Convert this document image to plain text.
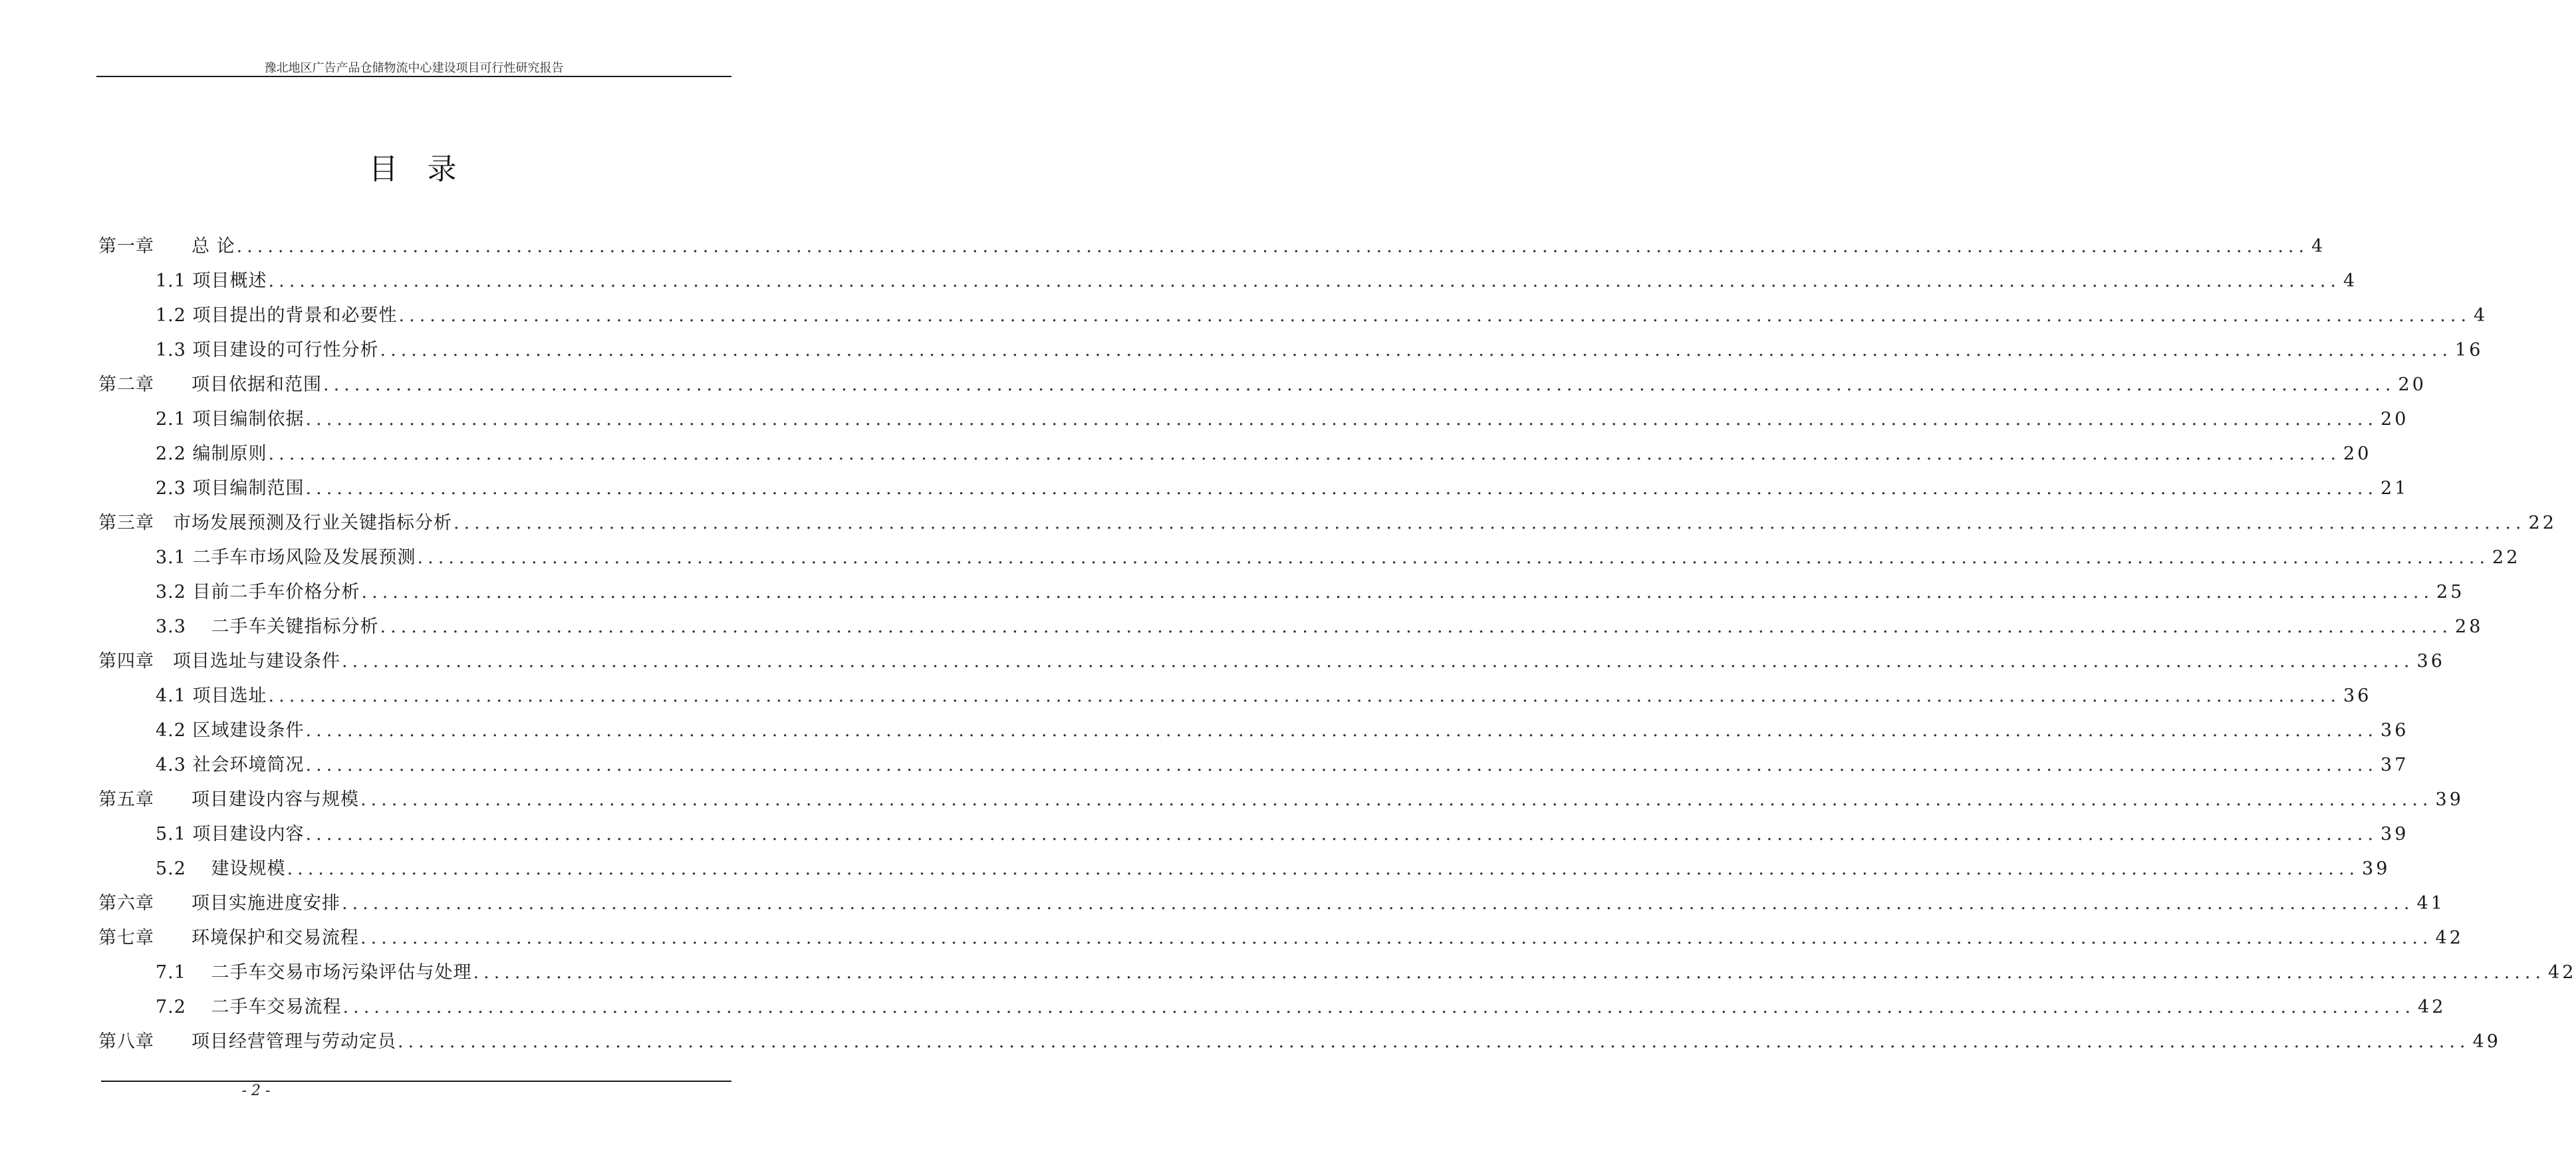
豫北地区广告产品仓储物流中心建设项目可行性研究报告
目录
第一章　　总 论 ........................................................................................................................................................................................................ 4
1.1 项目概述 ........................................................................................................................................................................................................ 4
1.2 项目提出的背景和必要性 ........................................................................................................................................................................................................ 4
1.3 项目建设的可行性分析 ........................................................................................................................................................................................................ 16
第二章　　项目依据和范围 ........................................................................................................................................................................................................ 20
2.1 项目编制依据 ........................................................................................................................................................................................................ 20
2.2 编制原则 ........................................................................................................................................................................................................ 20
2.3 项目编制范围 ........................................................................................................................................................................................................ 21
第三章　市场发展预测及行业关键指标分析 ........................................................................................................................................................................................................ 22
3.1 二手车市场风险及发展预测 ........................................................................................................................................................................................................ 22
3.2 目前二手车价格分析 ........................................................................................................................................................................................................ 25
3.3　 二手车关键指标分析 ........................................................................................................................................................................................................ 28
第四章　项目选址与建设条件 ........................................................................................................................................................................................................ 36
4.1 项目选址 ........................................................................................................................................................................................................ 36
4.2 区域建设条件 ........................................................................................................................................................................................................ 36
4.3 社会环境简况 ........................................................................................................................................................................................................ 37
第五章　　项目建设内容与规模 ........................................................................................................................................................................................................ 39
5.1 项目建设内容 ........................................................................................................................................................................................................ 39
5.2　 建设规模 ........................................................................................................................................................................................................ 39
第六章　　项目实施进度安排 ........................................................................................................................................................................................................ 41
第七章　　环境保护和交易流程 ........................................................................................................................................................................................................ 42
7.1　 二手车交易市场污染评估与处理 ........................................................................................................................................................................................................ 42
7.2　 二手车交易流程 ........................................................................................................................................................................................................ 42
第八章　　项目经营管理与劳动定员 ........................................................................................................................................................................................................ 49
- 2 -
